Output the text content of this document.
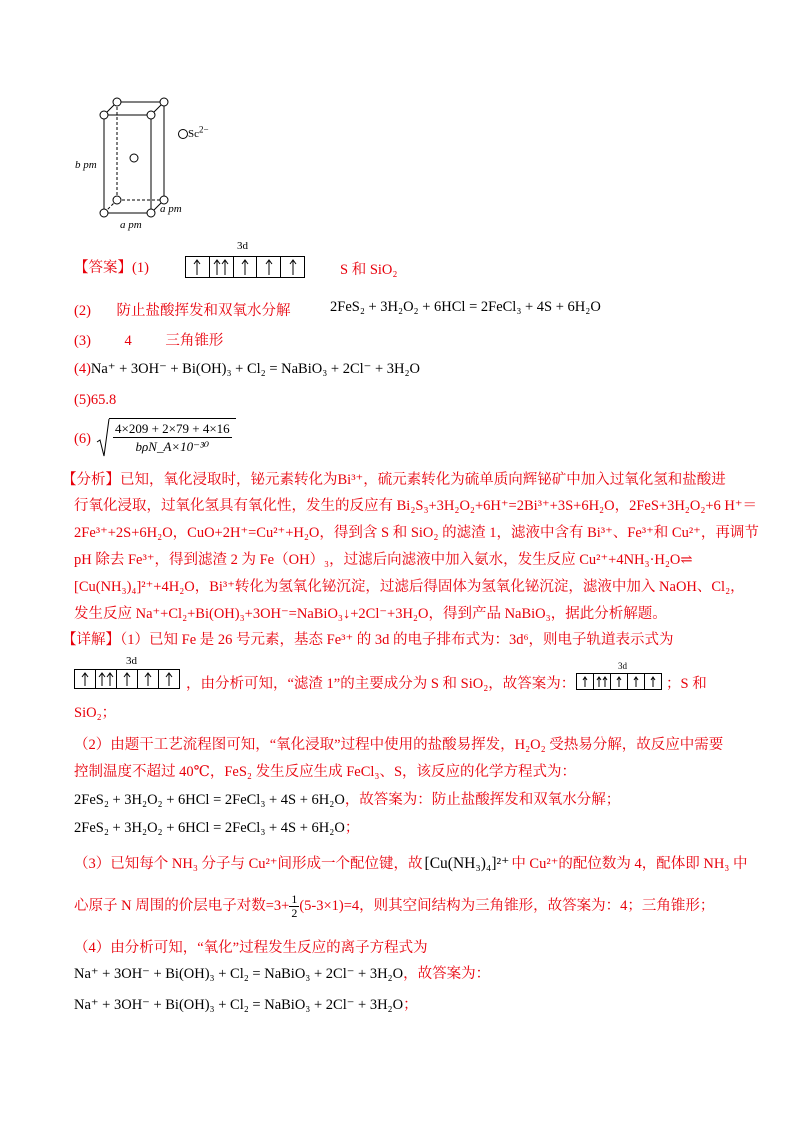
$Sc^{2-}$
b pm
a pm
a pm
【答案】(1)
3d
S 和 SiO₂
(2) 防止盐酸挥发和双氧水分解	2FeS₂ + 3H₂O₂ + 6HCl = 2FeCl₃ + 4S + 6H₂O
(3) 4 三角锥形
(4)Na⁺ + 3OH⁻ + Bi(OH)₃ + Cl₂ = NaBiO₃ + 2Cl⁻ + 3H₂O
(5)65.8
(6)
4×209 + 2×79 + 4×16
bρN_A×10⁻³⁰
【分析】已知，氧化浸取时，铋元素转化为Bi³⁺，硫元素转化为硫单质向辉铋矿中加入过氧化氢和盐酸进
行氧化浸取，过氧化氢具有氧化性，发生的反应有 Bi₂S₃+3H₂O₂+6H⁺=2Bi³⁺+3S+6H₂O，2FeS+3H₂O₂+6 H⁺＝
2Fe³⁺+2S+6H₂O，CuO+2H⁺=Cu²⁺+H₂O，得到含 S 和 SiO₂ 的滤渣 1，滤液中含有 Bi³⁺、Fe³⁺和 Cu²⁺，再调节
pH 除去 Fe³⁺，得到滤渣 2 为 Fe（OH）₃，过滤后向滤液中加入氨水，发生反应 Cu²⁺+4NH₃·H₂O⇌
[Cu(NH₃)₄]²⁺+4H₂O，Bi³⁺转化为氢氧化铋沉淀，过滤后得固体为氢氧化铋沉淀，滤液中加入 NaOH、Cl₂，
发生反应 Na⁺+Cl₂+Bi(OH)₃+3OH⁻=NaBiO₃↓+2Cl⁻+3H₂O，得到产品 NaBiO₃，据此分析解题。
【详解】（1）已知 Fe 是 26 号元素，基态 Fe³⁺ 的 3d 的电子排布式为：3d⁶，则电子轨道表示式为
3d
，由分析可知，“滤渣 1”的主要成分为 S 和 SiO₂，故答案为：
3d
；S 和
SiO₂；
（2）由题干工艺流程图可知，“氧化浸取”过程中使用的盐酸易挥发，H₂O₂ 受热易分解，故反应中需要
控制温度不超过 40℃，FeS₂ 发生反应生成 FeCl₃、S，该反应的化学方程式为：
2FeS₂ + 3H₂O₂ + 6HCl = 2FeCl₃ + 4S + 6H₂O，故答案为：防止盐酸挥发和双氧水分解；
2FeS₂ + 3H₂O₂ + 6HCl = 2FeCl₃ + 4S + 6H₂O；
（3）已知每个 NH₃ 分子与 Cu²⁺间形成一个配位键，故 [Cu(NH₃)₄]²⁺ 中 Cu²⁺的配位数为 4，配体即 NH₃ 中
心原子 N 周围的价层电子对数$=3+ \frac{1}{2} (5-3\times 1)=4$，则其空间结构为三角锥形，故答案为：4；三角锥形；
（4）由分析可知，“氧化”过程发生反应的离子方程式为
Na⁺ + 3OH⁻ + Bi(OH)₃ + Cl₂ = NaBiO₃ + 2Cl⁻ + 3H₂O，故答案为：
Na⁺ + 3OH⁻ + Bi(OH)₃ + Cl₂ = NaBiO₃ + 2Cl⁻ + 3H₂O；
